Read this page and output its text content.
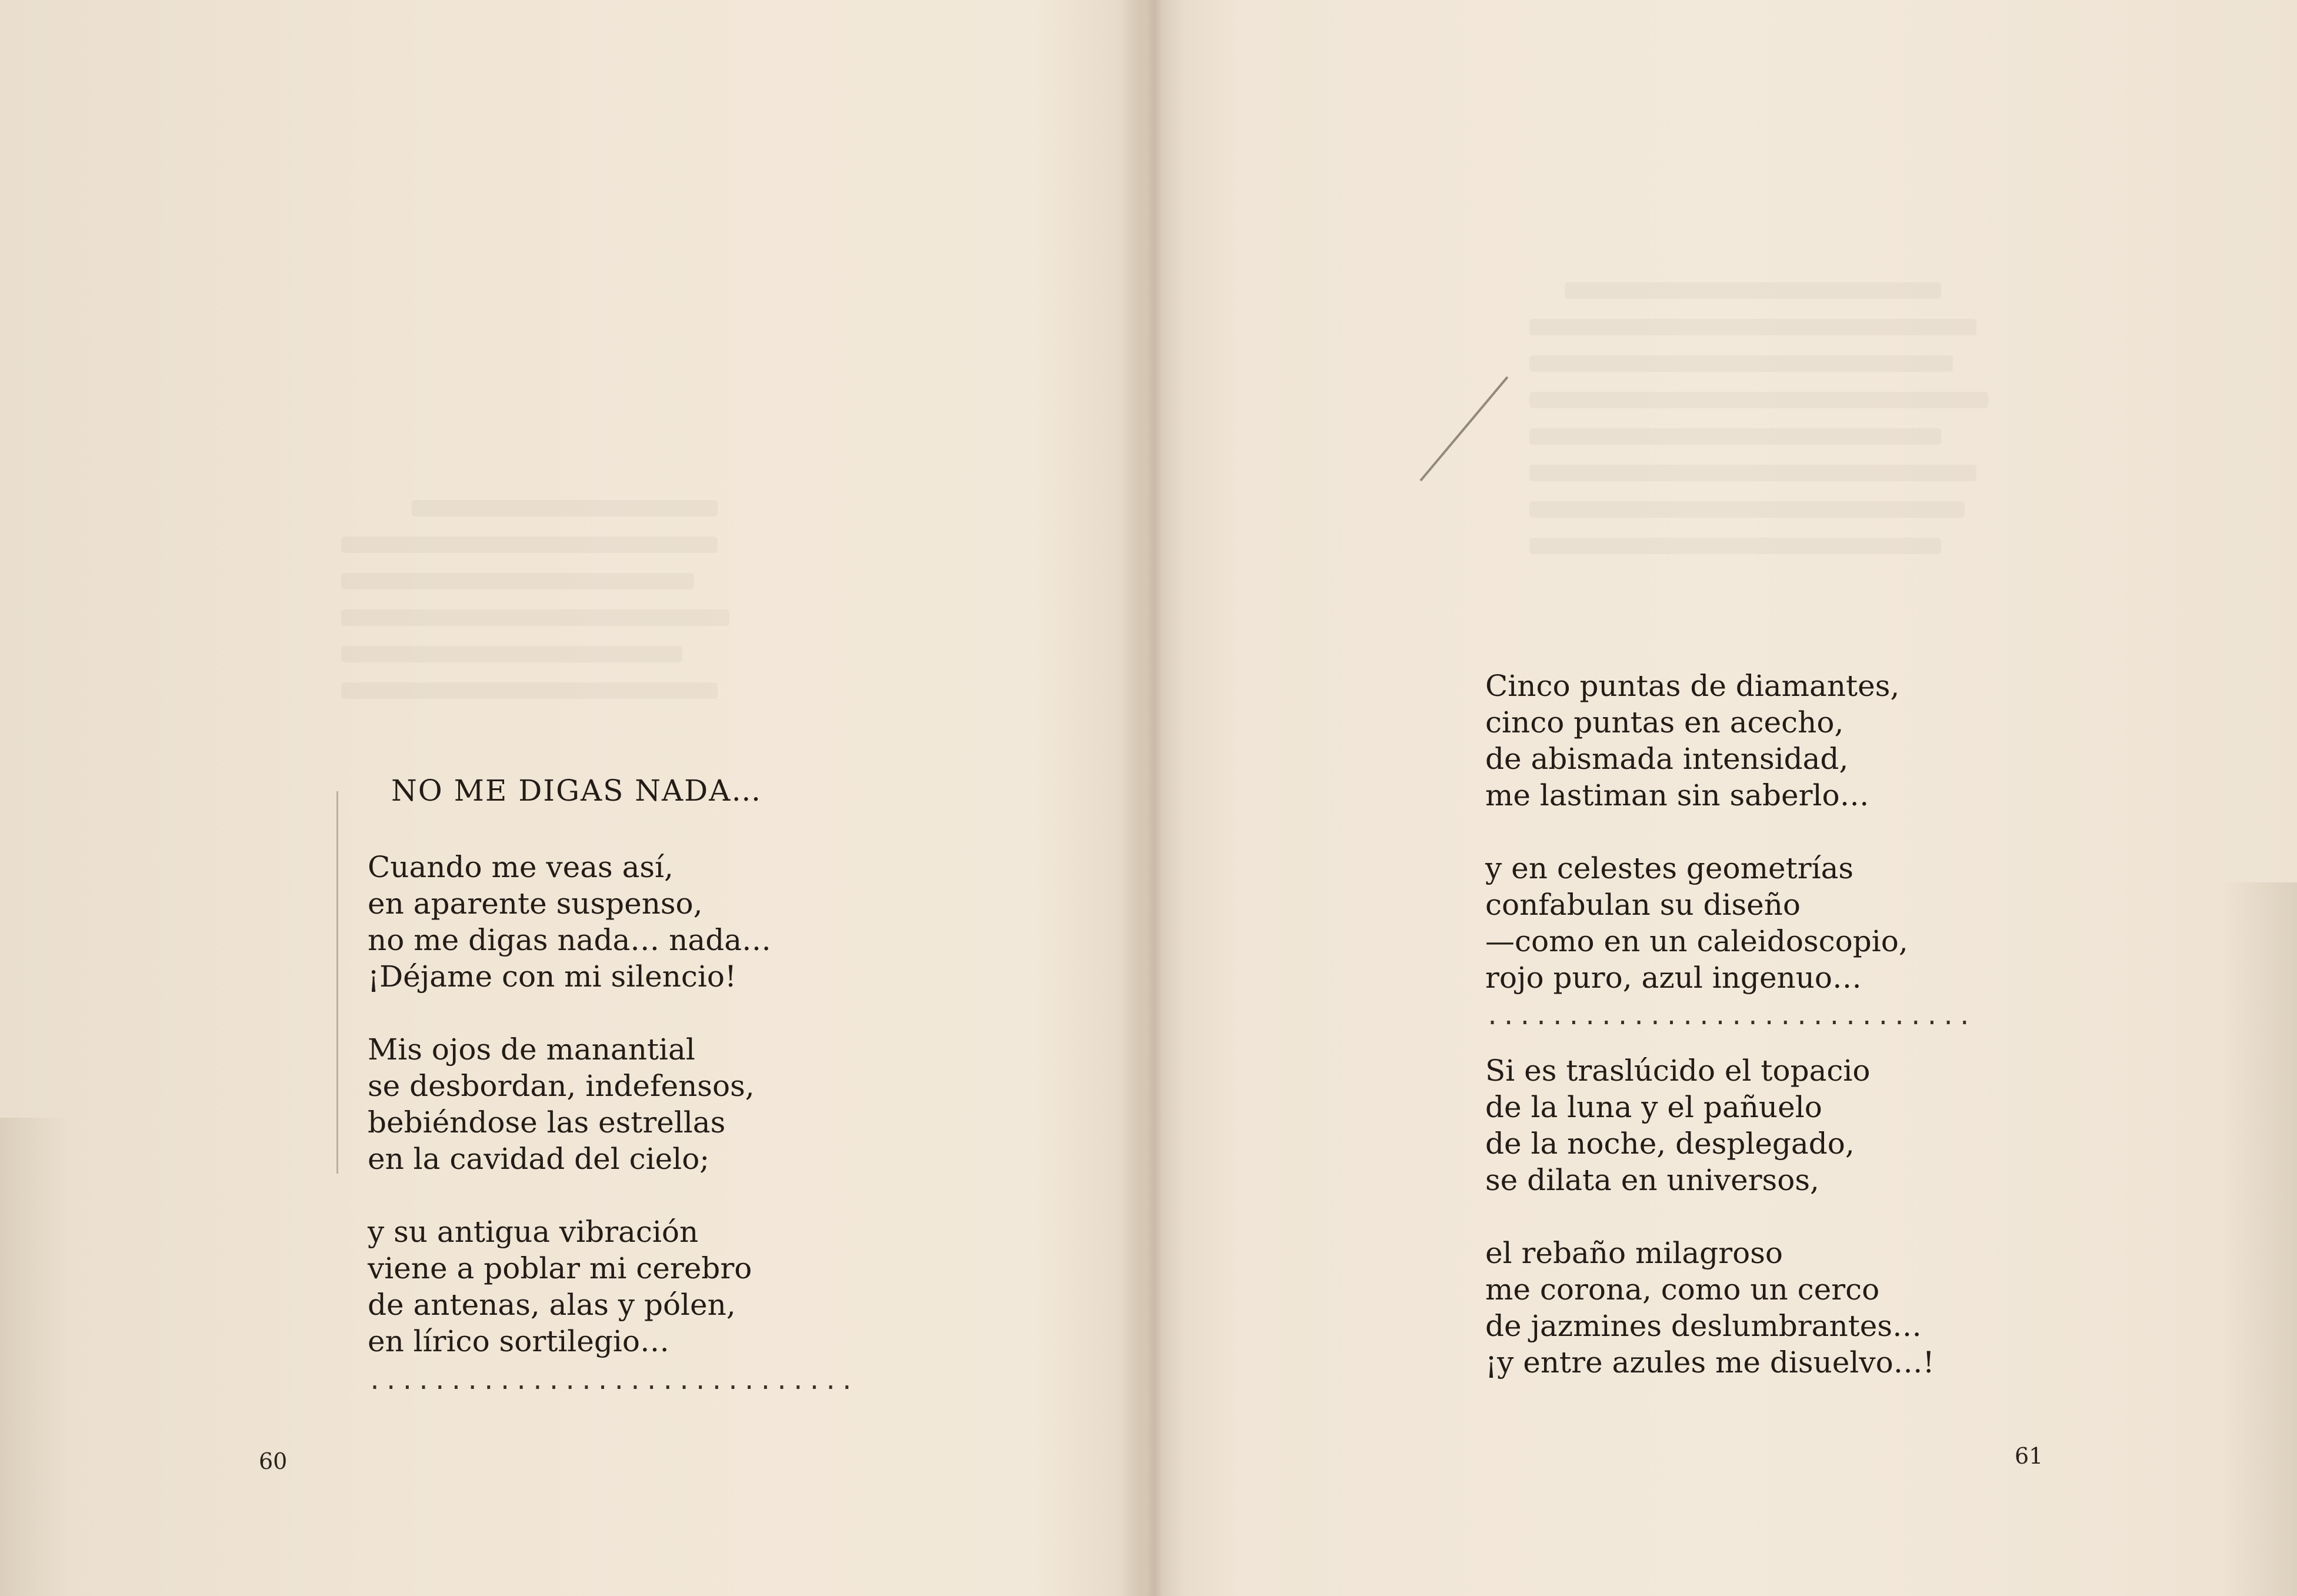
NO ME DIGAS NADA…

Cuando me veas así,

en aparente suspenso,

no me digas nada… nada…

¡Déjame con mi silencio!

Mis ojos de manantial

se desbordan, indefensos,

bebiéndose las estrellas

en la cavidad del cielo;

y su antigua vibración

viene a poblar mi cerebro

de antenas, alas y pólen,

en lírico sortilegio…

..............................
60

Cinco puntas de diamantes,

cinco puntas en acecho,

de abismada intensidad,

me lastiman sin saberlo…

y en celestes geometrías

confabulan su diseño

—como en un caleidoscopio,

rojo puro, azul ingenuo…

..............................

Si es traslúcido el topacio

de la luna y el pañuelo

de la noche, desplegado,

se dilata en universos,

el rebaño milagroso

me corona, como un cerco

de jazmines deslumbrantes…

¡y entre azules me disuelvo…!

61
